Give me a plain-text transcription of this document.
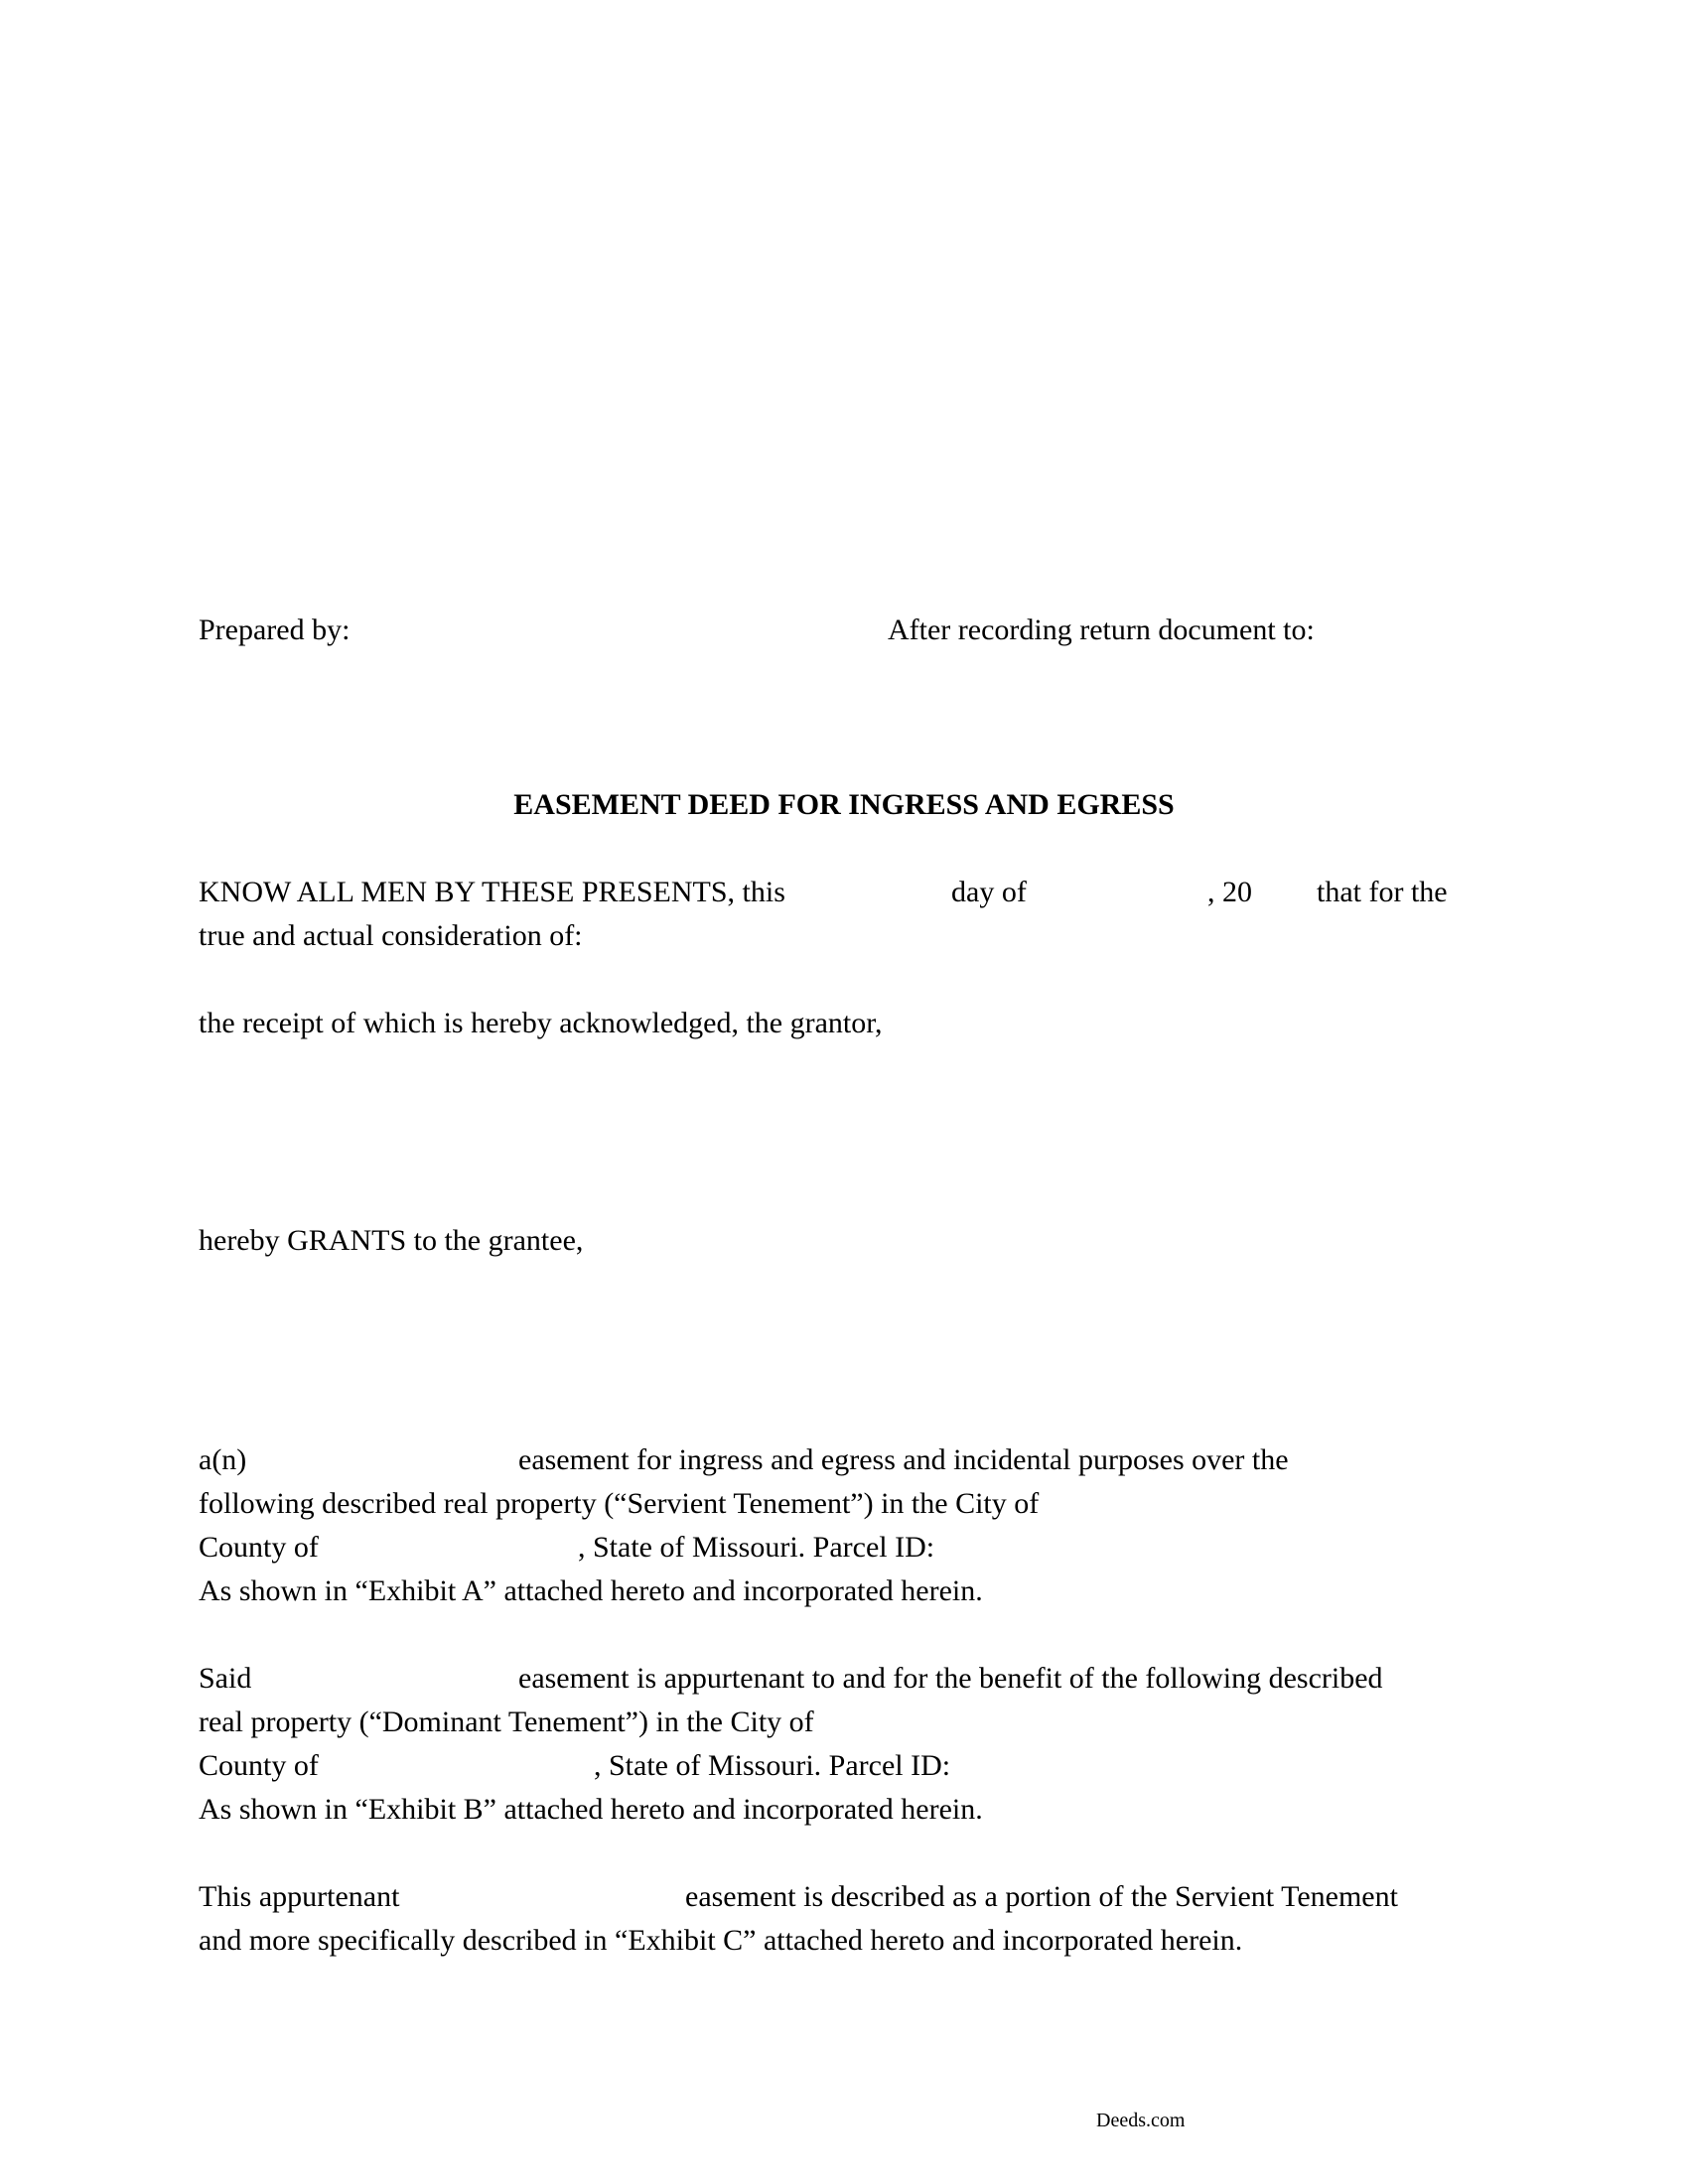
Prepared by:	After recording return document to:
EASEMENT DEED FOR INGRESS AND EGRESS
KNOW ALL MEN BY THESE PRESENTS, this	day of	, 20 that for the
true and actual consideration of:
the receipt of which is hereby acknowledged, the grantor,
hereby GRANTS to the grantee,
a(n)	easement for ingress and egress and incidental purposes over the
following described real property (“Servient Tenement”) in the City of
County of	, State of Missouri. Parcel ID:
As shown in “Exhibit A” attached hereto and incorporated herein.
Said	easement is appurtenant to and for the benefit of the following described
real property (“Dominant Tenement”) in the City of
County of	, State of Missouri. Parcel ID:
As shown in “Exhibit B” attached hereto and incorporated herein.
This appurtenant	easement is described as a portion of the Servient Tenement
and more specifically described in “Exhibit C” attached hereto and incorporated herein.
Deeds.com
